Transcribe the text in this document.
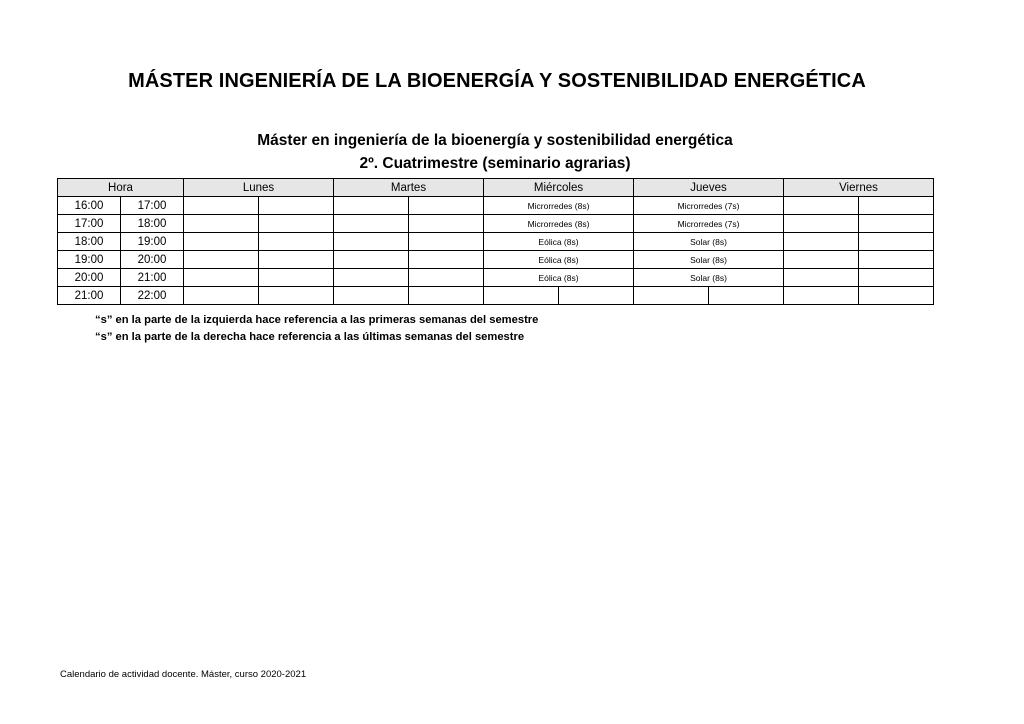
MÁSTER INGENIERÍA DE LA BIOENERGÍA Y SOSTENIBILIDAD ENERGÉTICA
Máster en ingeniería de la bioenergía y sostenibilidad energética
2º. Cuatrimestre (seminario agrarias)
Hora		Lunes		Martes		Miércoles		Jueves		Viernes	
16:00	17:00					Microrredes (8s)		Microrredes (7s)			
17:00	18:00					Microrredes (8s)		Microrredes (7s)			
18:00	19:00					Eólica (8s)		Solar (8s)			
19:00	20:00					Eólica (8s)		Solar (8s)			
20:00	21:00					Eólica (8s)		Solar (8s)			
21:00	22:00										
“s” en la parte de la izquierda hace referencia a las primeras semanas del semestre
“s” en la parte de la derecha hace referencia a las últimas semanas del semestre
Calendario de actividad docente. Máster, curso 2020-2021
